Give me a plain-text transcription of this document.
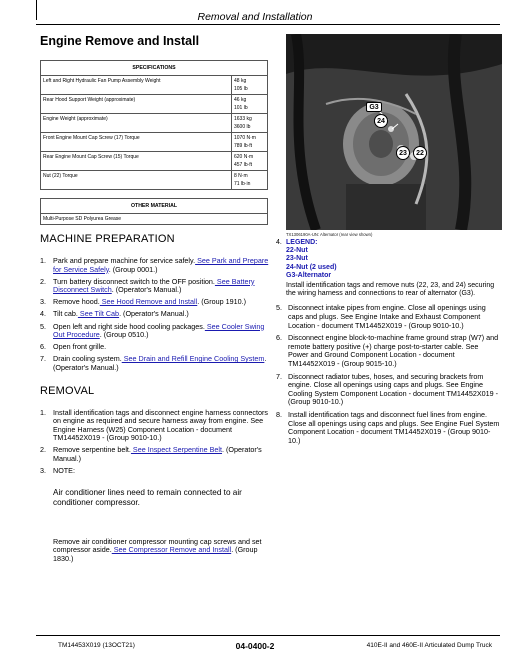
Removal and Installation
Engine Remove and Install
SPECIFICATIONS	
Left and Right Hydraulic Fan Pump Assembly Weight	48 kg
105 lb

Rear Hood Support Weight (approximate)	46 kg
101 lb

Engine Weight (approximate)	1633 kg
3600 lb

Front Engine Mount Cap Screw (17) Torque	1070 N·m
789 lb·ft

Rear Engine Mount Cap Screw (15) Torque	620 N·m
457 lb·ft

Nut (22) Torque	8 N·m
71 lb·in
OTHER MATERIAL
Multi-Purpose SD Polyurea Grease
MACHINE PREPARATION
1. Park and prepare machine for service safely. See Park and Prepare for Service Safely. (Group 0001.)
2. Turn battery disconnect switch to the OFF position. See Battery Disconnect Switch. (Operator's Manual.)
3. Remove hood. See Hood Remove and Install. (Group 1910.)
4. Tilt cab. See Tilt Cab. (Operator's Manual.)
5. Open left and right side hood cooling packages. See Cooler Swing Out Procedure. (Group 0510.)
6. Open front grille.
7. Drain cooling system. See Drain and Refill Engine Cooling System. (Operator's Manual.)
REMOVAL
1. Install identification tags and disconnect engine harness connectors on engine as required and secure harness away from engine. See Engine Harness (W25) Component Location - document TM14452X019 - (Group 9010-10.)
2. Remove serpentine belt. See Inspect Serpentine Belt. (Operator's Manual.)
3. NOTE:
Air conditioner lines need to remain connected to air conditioner compressor.
Remove air conditioner compressor mounting cap screws and set compressor aside. See Compressor Remove and Install. (Group 1830.)
G3
24
23	22
TX1306190A-UN: Alternator (rear view shown)
4. LEGEND:
22-Nut
23-Nut
24-Nut (2 used)
G3-Alternator
Install identification tags and remove nuts (22, 23, and 24) securing the wiring harness and connections to rear of alternator (G3).
5. Disconnect intake pipes from engine. Close all openings using caps and plugs. See Engine Intake and Exhaust Component Location - document TM14452X019 - (Group 9010-10.)
6. Disconnect engine block-to-machine frame ground strap (W7) and remote battery positive (+) charge post-to-starter cable. See Power and Ground Component Location - document TM14452X019 - (Group 9015-10.)
7. Disconnect radiator tubes, hoses, and securing brackets from engine. Close all openings using caps and plugs. See Engine Cooling System Component Location - document TM14452X019 - (Group 9010-10.)
8. Install identification tags and disconnect fuel lines from engine. Close all openings using caps and plugs. See Engine Fuel System Component Location - document TM14452X019 - (Group 9010-10.)
TM14453X019 (13OCT21)	04-0400-2	410E-II and 460E-II Articulated Dump Truck
